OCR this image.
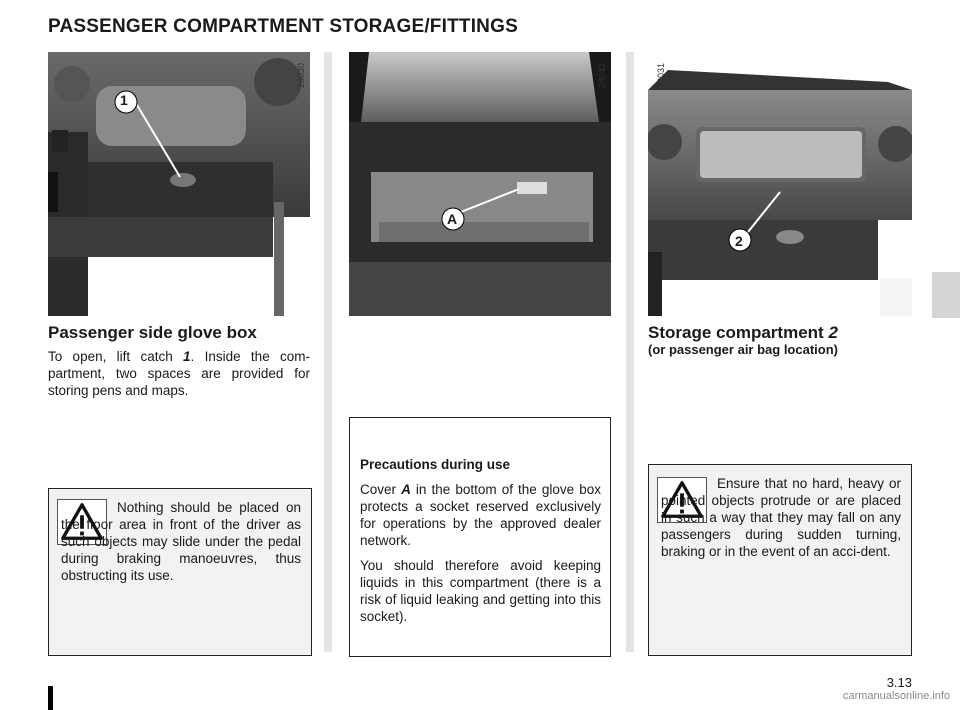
PASSENGER COMPARTMENT STORAGE/FITTINGS
1
28030
A
28042
2
28031
Passenger side glove box
To open, lift catch 1. Inside the com-partment, two spaces are provided for storing pens and maps.
Storage compartment 2
(or passenger air bag location)

Nothing should be placed on the floor area in front of the driver as such objects may slide under the pedal during braking manoeuvres, thus obstructing its use.

Precautions during use

Cover A in the bottom of the glove box protects a socket reserved exclusively for operations by the approved dealer network.

You should therefore avoid keeping liquids in this compartment (there is a risk of liquid leaking and getting into this socket).

Ensure that no hard, heavy or pointed objects protrude or are placed in such a way that they may fall on any passengers during sudden turning, braking or in the event of an acci-dent.

3.13
carmanualsonline.info
